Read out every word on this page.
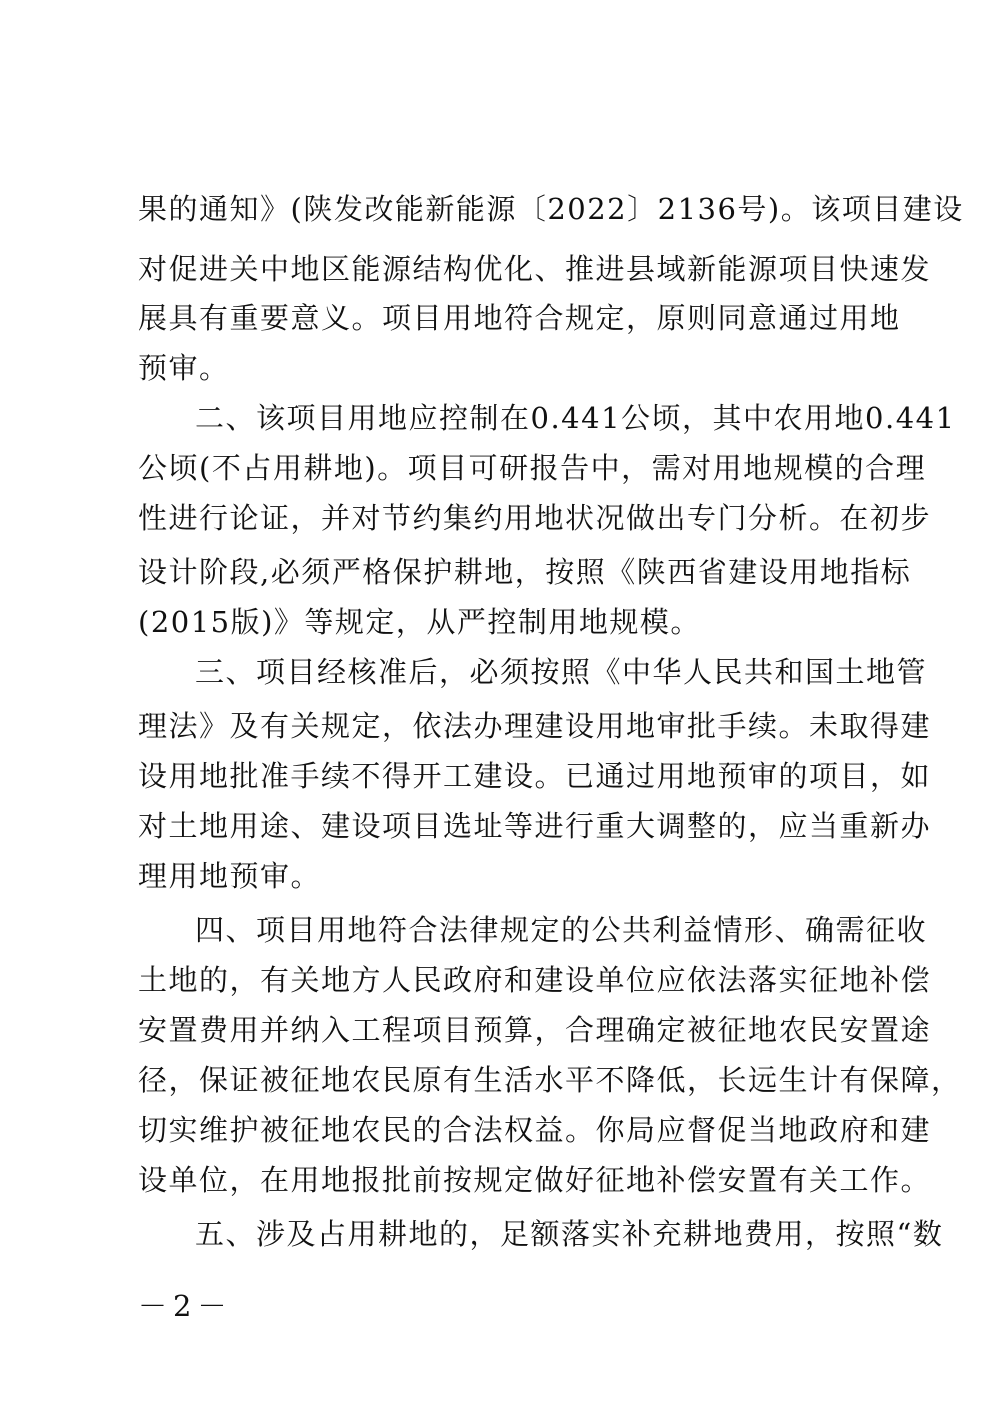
果的通知》(陕发改能新能源〔2022〕2136号)。该项目建设
对促进关中地区能源结构优化、推进县域新能源项目快速发
展具有重要意义。项目用地符合规定，原则同意通过用地
预审。
二、该项目用地应控制在0.441公顷，其中农用地0.441
公顷(不占用耕地)。项目可研报告中，需对用地规模的合理
性进行论证，并对节约集约用地状况做出专门分析。在初步
设计阶段,必须严格保护耕地，按照《陕西省建设用地指标
(2015版)》等规定，从严控制用地规模。
三、项目经核准后，必须按照《中华人民共和国土地管
理法》及有关规定，依法办理建设用地审批手续。未取得建
设用地批准手续不得开工建设。已通过用地预审的项目，如
对土地用途、建设项目选址等进行重大调整的，应当重新办
理用地预审。
四、项目用地符合法律规定的公共利益情形、确需征收
土地的，有关地方人民政府和建设单位应依法落实征地补偿
安置费用并纳入工程项目预算，合理确定被征地农民安置途
径，保证被征地农民原有生活水平不降低，长远生计有保障，
切实维护被征地农民的合法权益。你局应督促当地政府和建
设单位，在用地报批前按规定做好征地补偿安置有关工作。
五、涉及占用耕地的，足额落实补充耕地费用，按照“数
－2－
